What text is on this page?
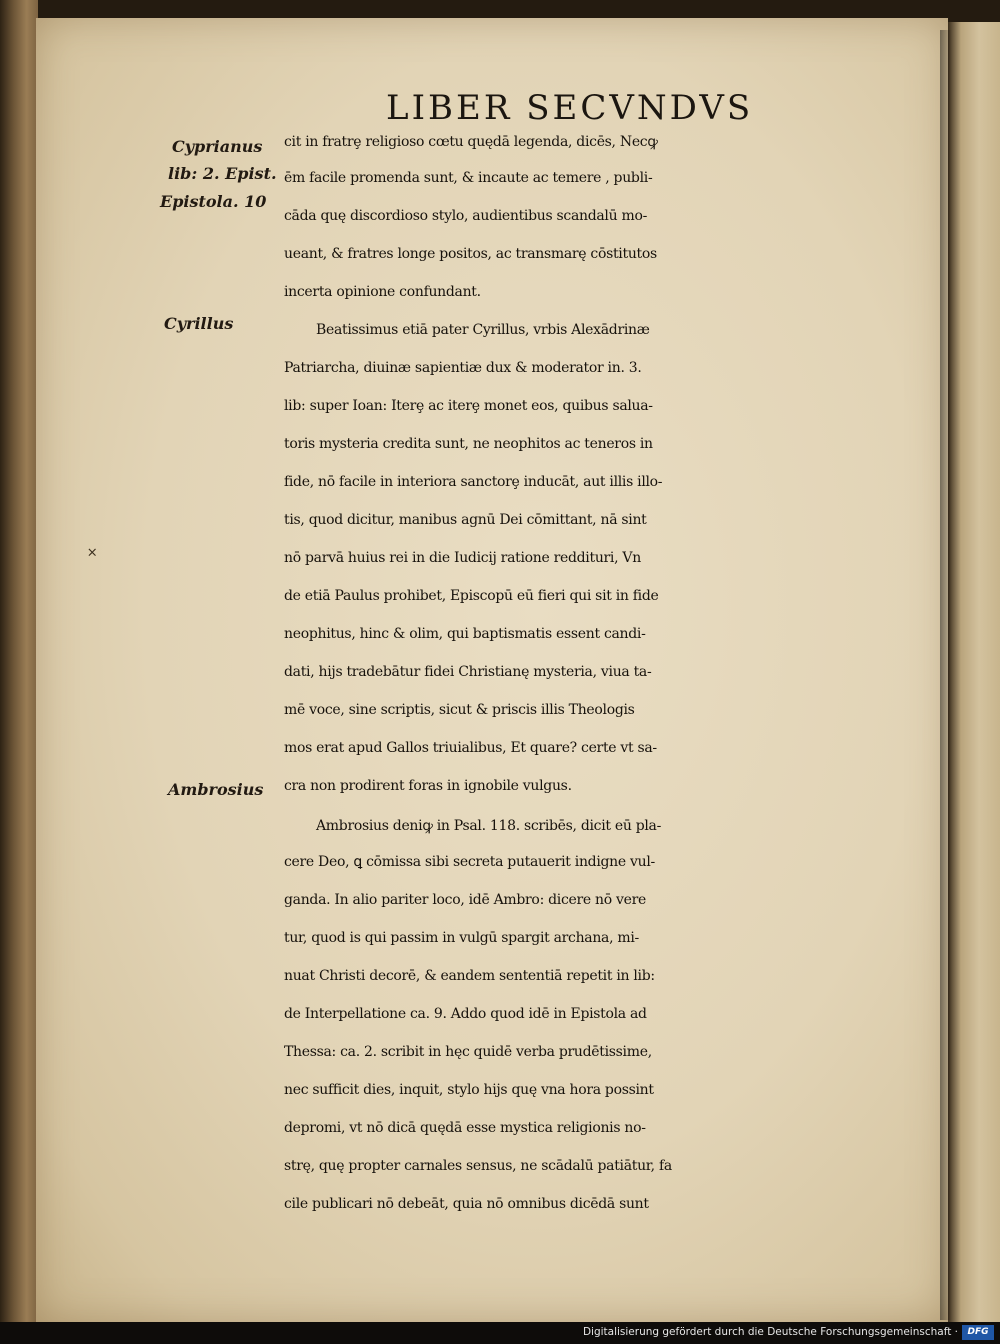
LIBER SECVNDVS
Cyprianus
lib: 2. Epist.
Epistola. 10
Cyrillus
Ambrosius
˟
cit in fratrȩ religioso cœtu quędā legenda, dicēs, Necꝙ
ēm facile promenda sunt, & incaute ac temere , publi-
cāda quę discordioso stylo, audientibus scandalū mo-
ueant, & fratres longe positos, ac transmarę cōstitutos
incerta opinione confundant.
Beatissimus etiā pater Cyrillus, vrbis Alexādrinæ
Patriarcha, diuinæ sapientiæ dux & moderator in. 3.
lib: super Ioan: Iterȩ ac iterȩ monet eos, quibus salua-
toris mysteria credita sunt, ne neophitos ac teneros in
fide, nō facile in interiora sanctorȩ inducāt, aut illis illo-
tis, quod dicitur, manibus agnū Dei cōmittant, nā sint
nō parvā huius rei in die Iudicij ratione reddituri, Vn
de etiā Paulus prohibet, Episcopū eū fieri qui sit in fide
neophitus, hinc & olim, qui baptismatis essent candi-
dati, hijs tradebātur fidei Christianę mysteria, viua ta-
mē voce, sine scriptis, sicut & priscis illis Theologis
mos erat apud Gallos triuialibus, Et quare? certe vt sa-
cra non prodirent foras in ignobile vulgus.
Ambrosius deniꝙ in Psal. 118. scribēs, dicit eū pla-
cere Deo, ꝗ cōmissa sibi secreta putauerit indigne vul-
ganda. In alio pariter loco, idē Ambro: dicere nō vere
tur, quod is qui passim in vulgū spargit archana, mi-
nuat Christi decorē, & eandem sententiā repetit in lib:
de Interpellatione ca. 9. Addo quod idē in Epistola ad
Thessa: ca. 2. scribit in hęc quidē verba prudētissime,
nec sufficit dies, inquit, stylo hijs quę vna hora possint
depromi, vt nō dicā quędā esse mystica religionis no-
strę, quę propter carnales sensus, ne scādalū patiātur, fa
cile publicari nō debeāt, quia nō omnibus dicēdā sunt
Digitalisierung gefördert durch die Deutsche Forschungsgemeinschaft ·	DFG
